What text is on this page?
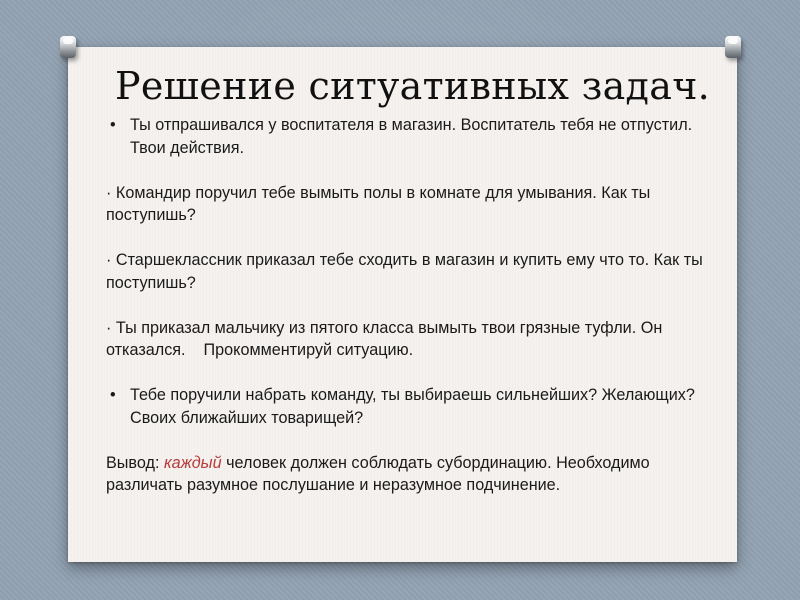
Решение ситуативных задач.
• Ты отпрашивался у воспитателя в магазин. Воспитатель тебя не отпустил. Твои действия.

· Командир поручил тебе вымыть полы в комнате для умывания. Как ты поступишь?

· Старшеклассник приказал тебе сходить в магазин и купить ему что то. Как ты поступишь?

· Ты приказал мальчику из пятого класса вымыть твои грязные туфли. Он отказался.    Прокомментируй ситуацию.

• Тебе поручили набрать команду, ты выбираешь сильнейших? Желающих? Своих ближайших товарищей?

Вывод: каждый человек должен соблюдать субординацию. Необходимо различать разумное послушание и неразумное подчинение.
